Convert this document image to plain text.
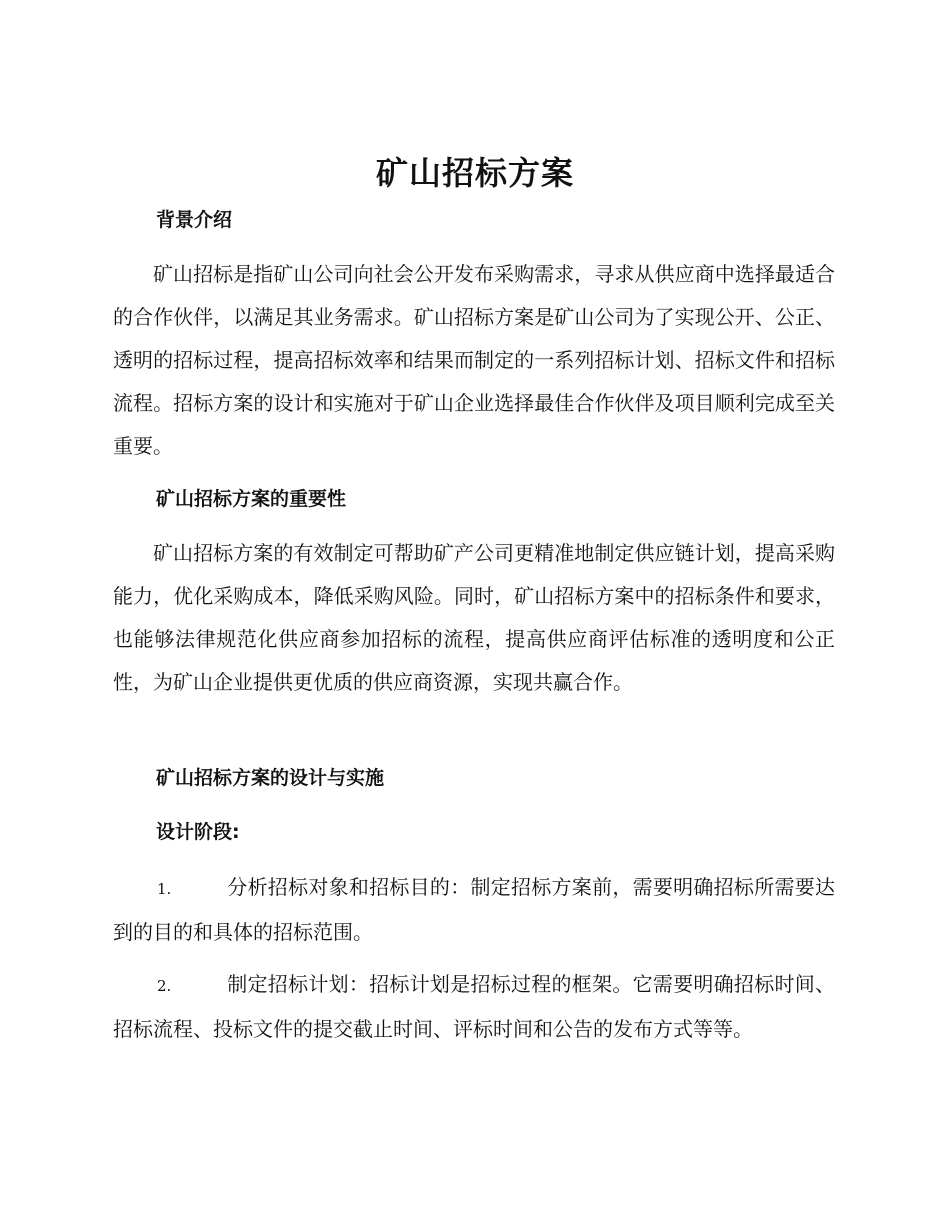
矿山招标方案
背景介绍

矿山招标是指矿山公司向社会公开发布采购需求，寻求从供应商中选择最适合的合作伙伴，以满足其业务需求。矿山招标方案是矿山公司为了实现公开、公正、透明的招标过程，提高招标效率和结果而制定的一系列招标计划、招标文件和招标流程。招标方案的设计和实施对于矿山企业选择最佳合作伙伴及项目顺利完成至关重要。

矿山招标方案的重要性

矿山招标方案的有效制定可帮助矿产公司更精准地制定供应链计划，提高采购能力，优化采购成本，降低采购风险。同时，矿山招标方案中的招标条件和要求，也能够法律规范化供应商参加招标的流程，提高供应商评估标准的透明度和公正性，为矿山企业提供更优质的供应商资源，实现共赢合作。

矿山招标方案的设计与实施
设计阶段:

1.	分析招标对象和招标目的：制定招标方案前，需要明确招标所需要达到的目的和具体的招标范围。

2.	制定招标计划：招标计划是招标过程的框架。它需要明确招标时间、招标流程、投标文件的提交截止时间、评标时间和公告的发布方式等等。
